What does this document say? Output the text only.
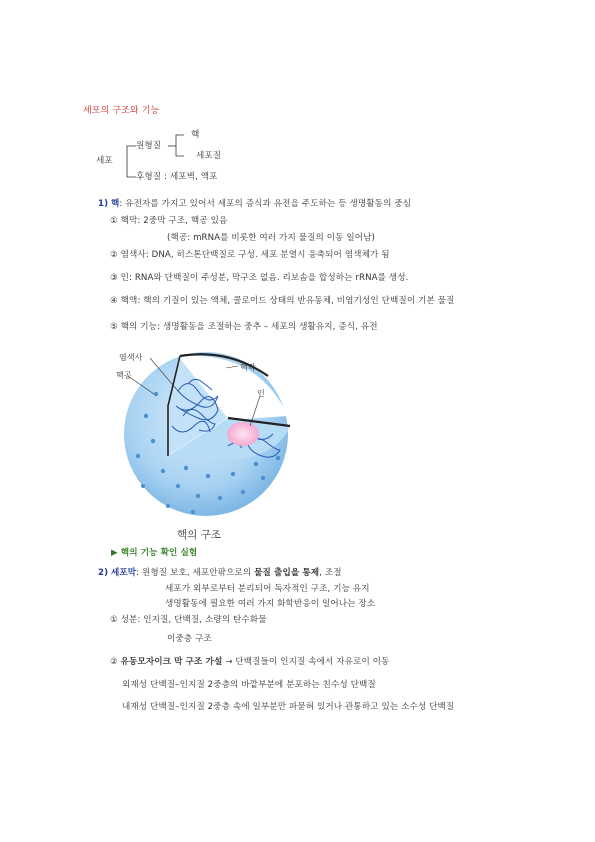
세포의 구조와 기능
세포
원형질
핵
세포질
후형질 : 세포벽, 액포
1) 핵: 유전자를 가지고 있어서 세포의 증식과 유전을 주도하는 등 생명활동의 중심
① 핵막: 2중막 구조, 핵공 있음
(핵공: mRNA를 비롯한 여러 가지 물질의 이동 일어남)
② 염색사: DNA, 히스톤단백질로 구성. 세포 분열시 응축되어 염색체가 됨
③ 인: RNA와 단백질이 주성분, 막구조 없음. 리보솜을 합성하는 rRNA를 생성.
④ 핵액: 핵의 기질이 있는 액체, 콜로이드 상태의 반유동체, 비염기성인 단백질이 기본 물질
⑤ 핵의 기능: 생명활동을 조절하는 중추 – 세포의 생활유지, 증식, 유전
염색사
핵공
핵막
인
핵의 구조
▶ 핵의 기능 확인 실험
2) 세포막: 원형질 보호, 세포안팎으로의 물질 출입을 통제, 조절
세포가 외부로부터 분리되어 독자적인 구조, 기능 유지
생명활동에 필요한 여러 가지 화학반응이 일어나는 장소
① 성분: 인지질, 단백질, 소량의 탄수화물
이중층 구조
② 유동모자이크 막 구조 가설 → 단백질들이 인지질 속에서 자유로이 이동
외재성 단백질–인지질 2중층의 바깥부분에 분포하는 친수성 단백질
내재성 단백질–인지질 2중층 속에 일부분만 파묻혀 있거나 관통하고 있는 소수성 단백질
